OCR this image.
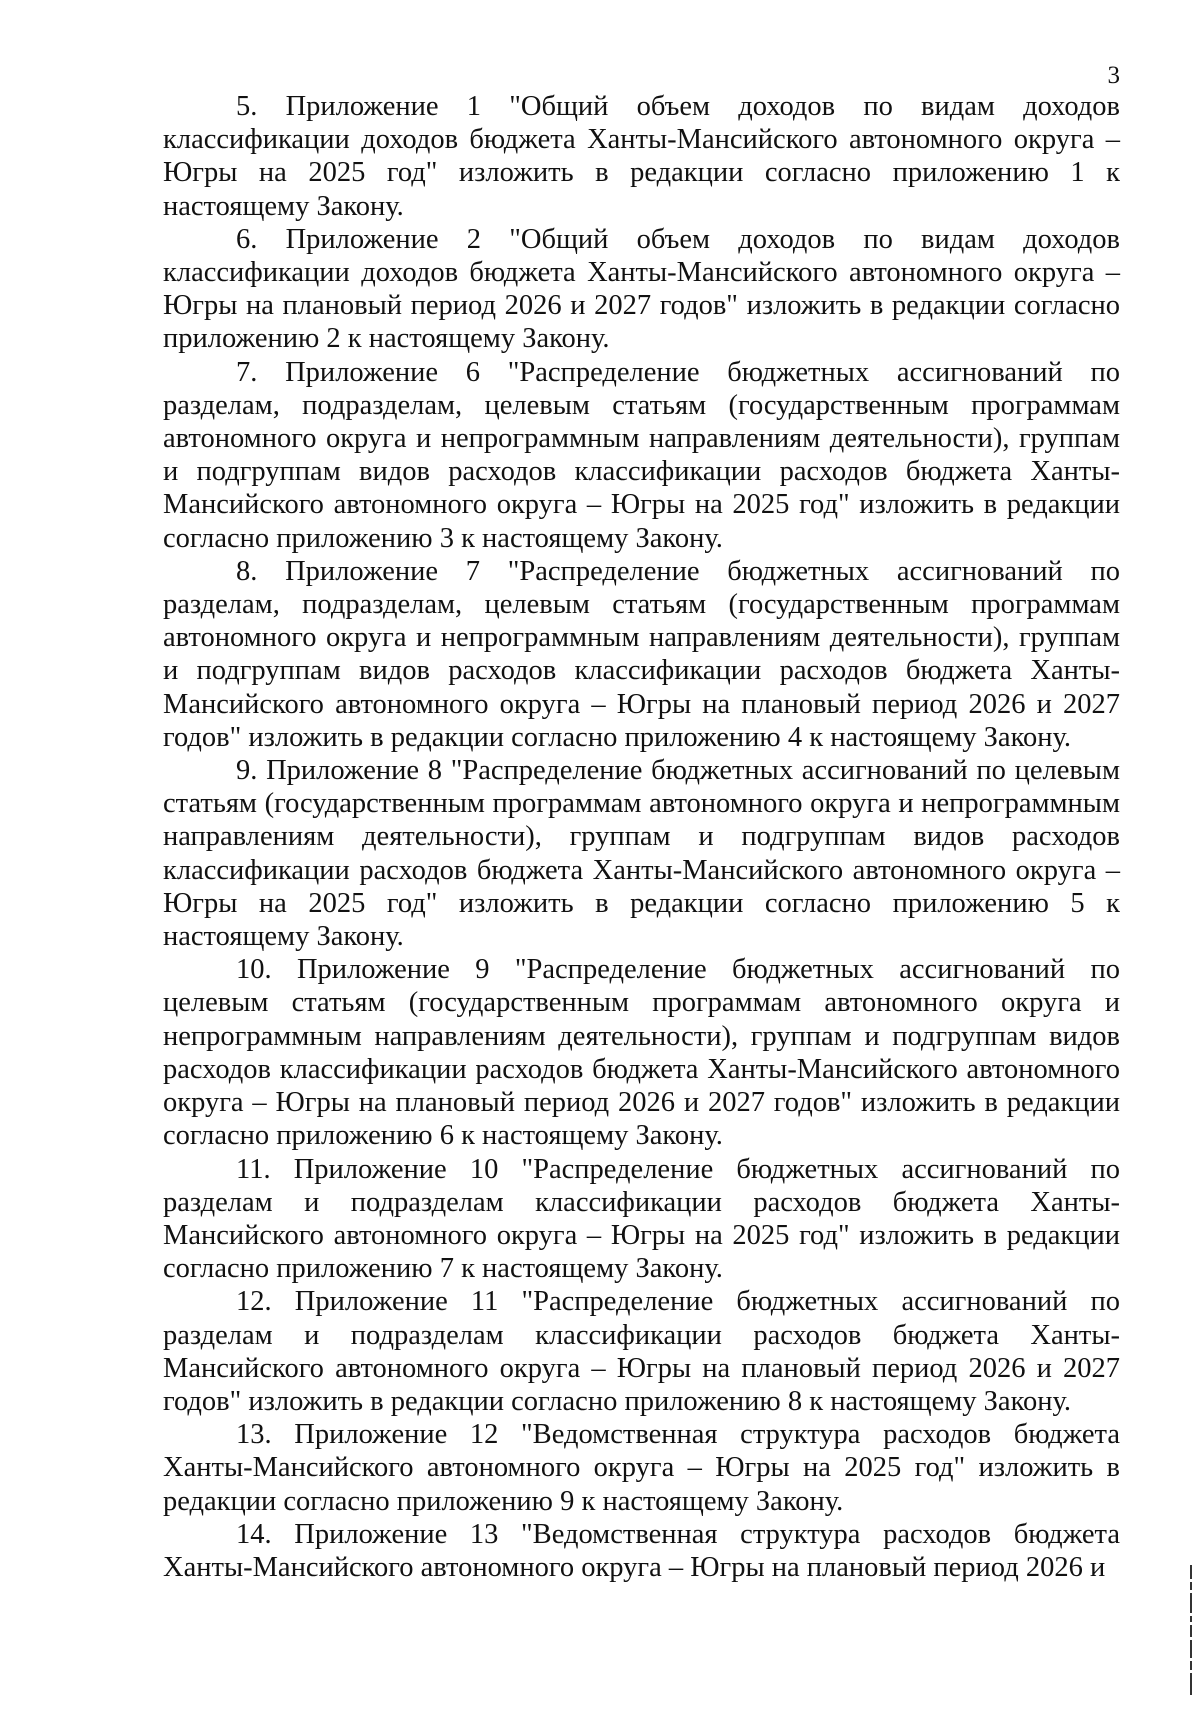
3

5. Приложение 1 "Общий объем доходов по видам доходов классификации доходов бюджета Ханты-Мансийского автономного округа – Югры на 2025 год" изложить в редакции согласно приложению 1 к настоящему Закону.

6. Приложение 2 "Общий объем доходов по видам доходов классификации доходов бюджета Ханты-Мансийского автономного округа – Югры на плановый период 2026 и 2027 годов" изложить в редакции согласно приложению 2 к настоящему Закону.

7. Приложение 6 "Распределение бюджетных ассигнований по разделам, подразделам, целевым статьям (государственным программам автономного округа и непрограммным направлениям деятельности), группам и подгруппам видов расходов классификации расходов бюджета Ханты-Мансийского автономного округа – Югры на 2025 год" изложить в редакции согласно приложению 3 к настоящему Закону.

8. Приложение 7 "Распределение бюджетных ассигнований по разделам, подразделам, целевым статьям (государственным программам автономного округа и непрограммным направлениям деятельности), группам и подгруппам видов расходов классификации расходов бюджета Ханты-Мансийского автономного округа – Югры на плановый период 2026 и 2027 годов" изложить в редакции согласно приложению 4 к настоящему Закону.

9. Приложение 8 "Распределение бюджетных ассигнований по целевым статьям (государственным программам автономного округа и непрограммным направлениям деятельности), группам и подгруппам видов расходов классификации расходов бюджета Ханты-Мансийского автономного округа – Югры на 2025 год" изложить в редакции согласно приложению 5 к настоящему Закону.

10. Приложение 9 "Распределение бюджетных ассигнований по целевым статьям (государственным программам автономного округа и непрограммным направлениям деятельности), группам и подгруппам видов расходов классификации расходов бюджета Ханты-Мансийского автономного округа – Югры на плановый период 2026 и 2027 годов" изложить в редакции согласно приложению 6 к настоящему Закону.

11. Приложение 10 "Распределение бюджетных ассигнований по разделам и подразделам классификации расходов бюджета Ханты-Мансийского автономного округа – Югры на 2025 год" изложить в редакции согласно приложению 7 к настоящему Закону.

12. Приложение 11 "Распределение бюджетных ассигнований по разделам и подразделам классификации расходов бюджета Ханты-Мансийского автономного округа – Югры на плановый период 2026 и 2027 годов" изложить в редакции согласно приложению 8 к настоящему Закону.

13. Приложение 12 "Ведомственная структура расходов бюджета Ханты-Мансийского автономного округа – Югры на 2025 год" изложить в редакции согласно приложению 9 к настоящему Закону.

14. Приложение 13 "Ведомственная структура расходов бюджета Ханты-Мансийского автономного округа – Югры на плановый период 2026 и
